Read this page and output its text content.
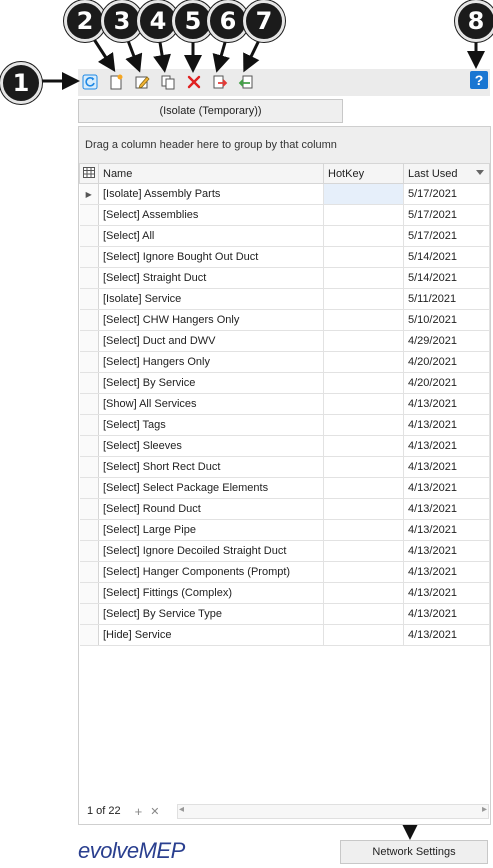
?
1
2 3 4 5 6 7	8
(Isolate (Temporary))
Drag a column header here to group by that column
	Name	HotKey	Last Used

▶	[Isolate] Assembly Parts		5/17/2021
	[Select] Assemblies		5/17/2021
	[Select] All		5/17/2021
	[Select] Ignore Bought Out Duct		5/14/2021
	[Select] Straight Duct		5/14/2021
	[Isolate] Service		5/11/2021
	[Select] CHW Hangers Only		5/10/2021
	[Select] Duct and DWV		4/29/2021
	[Select] Hangers Only		4/20/2021
	[Select] By Service		4/20/2021
	[Show] All Services		4/13/2021
	[Select] Tags		4/13/2021
	[Select] Sleeves		4/13/2021
	[Select] Short Rect Duct		4/13/2021
	[Select] Select Package Elements		4/13/2021
	[Select] Round Duct		4/13/2021
	[Select] Large Pipe		4/13/2021
	[Select] Ignore Decoiled Straight Duct		4/13/2021
	[Select] Hanger Components (Prompt)		4/13/2021
	[Select] Fittings (Complex)		4/13/2021
	[Select] By Service Type		4/13/2021
	[Hide] Service		4/13/2021
1 of 22 + ✕ ◂	▸
evolveMEP	Network Settings
